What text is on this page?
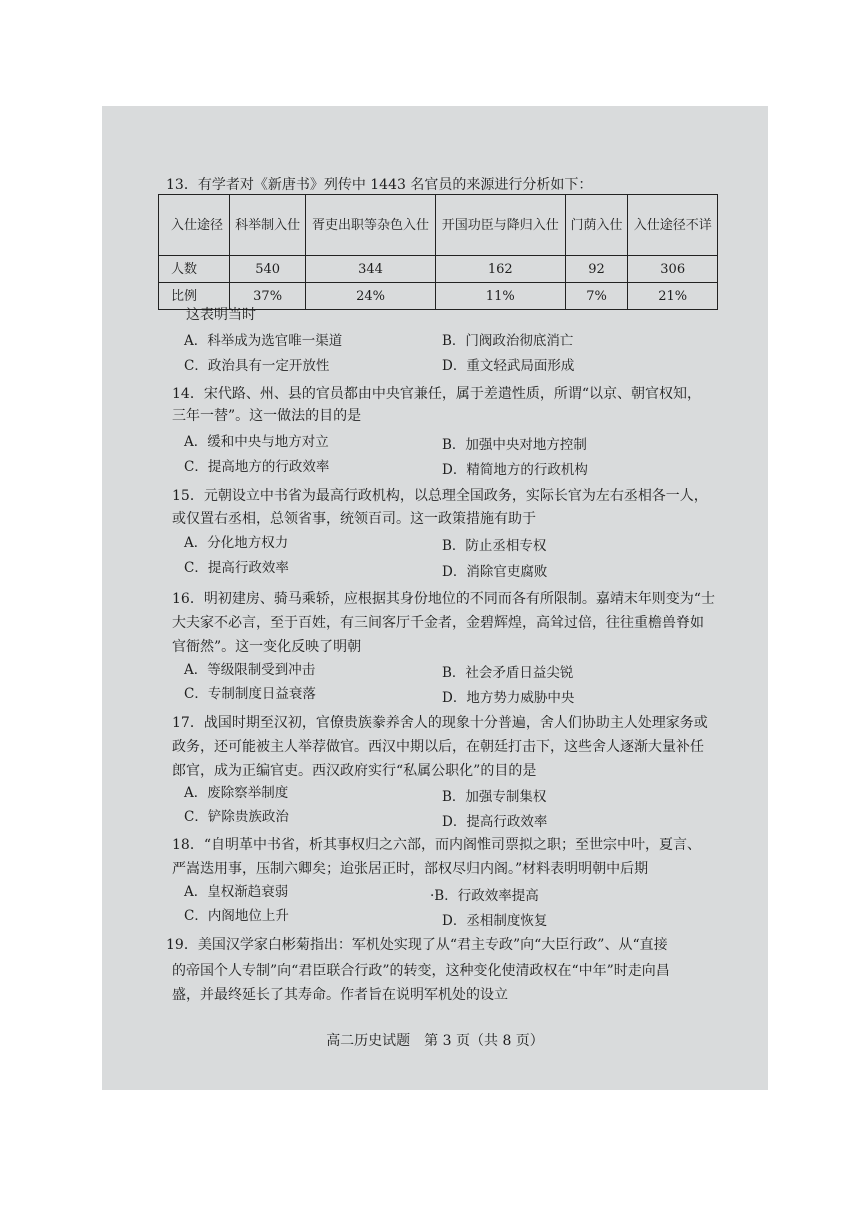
13．有学者对《新唐书》列传中 1443 名官员的来源进行分析如下：
入仕途径	科举制入仕	胥吏出职等杂色入仕	开国功臣与降归入仕	门荫入仕	入仕途径不详
人数	540	344	162	92	306
比例	37%	24%	11%	7%	21%
这表明当时
A．科举成为选官唯一渠道	B．门阀政治彻底消亡
C．政治具有一定开放性	D．重文轻武局面形成
14．宋代路、州、县的官员都由中央官兼任，属于差遣性质，所谓“以京、朝官权知，
三年一替”。这一做法的目的是
A．缓和中央与地方对立	B．加强中央对地方控制
C．提高地方的行政效率	D．精简地方的行政机构
15．元朝设立中书省为最高行政机构，以总理全国政务，实际长官为左右丞相各一人，
或仅置右丞相，总领省事，统领百司。这一政策措施有助于
A．分化地方权力	B．防止丞相专权
C．提高行政效率	D．消除官吏腐败
16．明初建房、骑马乘轿，应根据其身份地位的不同而各有所限制。嘉靖末年则变为“士
大夫家不必言，至于百姓，有三间客厅千金者，金碧辉煌，高耸过倍，往往重檐兽脊如
官衙然”。这一变化反映了明朝
A．等级限制受到冲击	B．社会矛盾日益尖锐
C．专制制度日益衰落	D．地方势力威胁中央
17．战国时期至汉初，官僚贵族豢养舍人的现象十分普遍，舍人们协助主人处理家务或
政务，还可能被主人举荐做官。西汉中期以后，在朝廷打击下，这些舍人逐渐大量补任
郎官，成为正编官吏。西汉政府实行“私属公职化”的目的是
A．废除察举制度	B．加强专制集权
C．铲除贵族政治	D．提高行政效率
18．“自明革中书省，析其事权归之六部，而内阁惟司票拟之职；至世宗中叶，夏言、
严嵩迭用事，压制六卿矣；迨张居正时，部权尽归内阁。”材料表明明朝中后期
A．皇权渐趋衰弱	·B．行政效率提高
C．内阁地位上升	D．丞相制度恢复
19．美国汉学家白彬菊指出：军机处实现了从“君主专政”向“大臣行政”、从“直接
的帝国个人专制”向“君臣联合行政”的转变，这种变化使清政权在“中年”时走向昌
盛，并最终延长了其寿命。作者旨在说明军机处的设立
高二历史试题　第 3 页（共 8 页）
